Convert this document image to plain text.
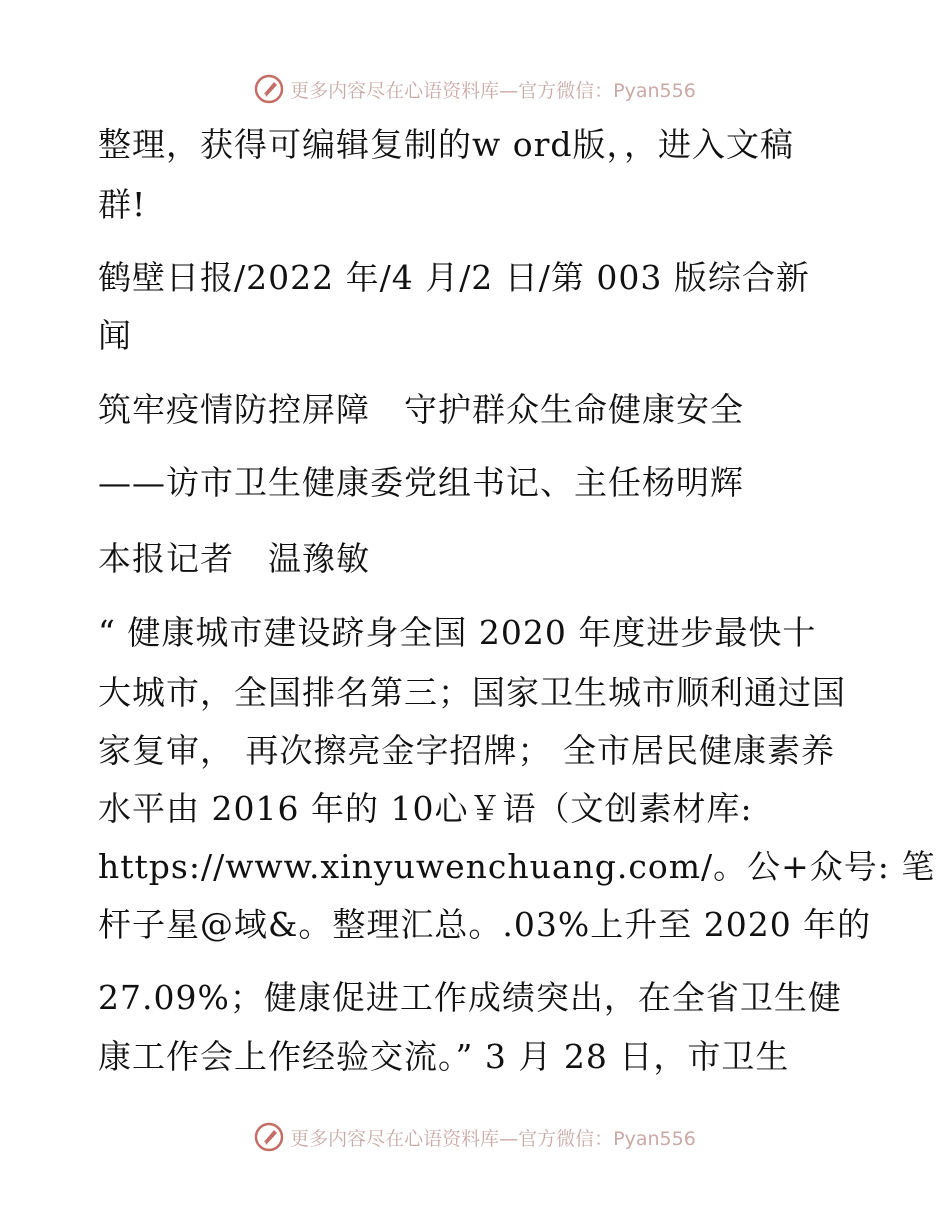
更多内容尽在心语资料库—官方微信：Pyan556
整理，获得可编辑复制的w ord版，，进入文稿
群!
鹤壁日报/2022 年/4 月/2 日/第 003 版综合新
闻
筑牢疫情防控屏障　守护群众生命健康安全
——访市卫生健康委党组书记、主任杨明辉
本报记者　温豫敏
“ 健康城市建设跻身全国 2020 年度进步最快十
大城市，全国排名第三；国家卫生城市顺利通过国
家复审， 再次擦亮金字招牌； 全市居民健康素养
水平由 2016 年的 10心￥语（文创素材库:
https://www.xinyuwenchuang.com/。公+众号: 笔
杆子星@域&。整理汇总。.03%上升至 2020 年的
27.09%；健康促进工作成绩突出，在全省卫生健
康工作会上作经验交流。” 3 月 28 日，市卫生
更多内容尽在心语资料库—官方微信：Pyan556
